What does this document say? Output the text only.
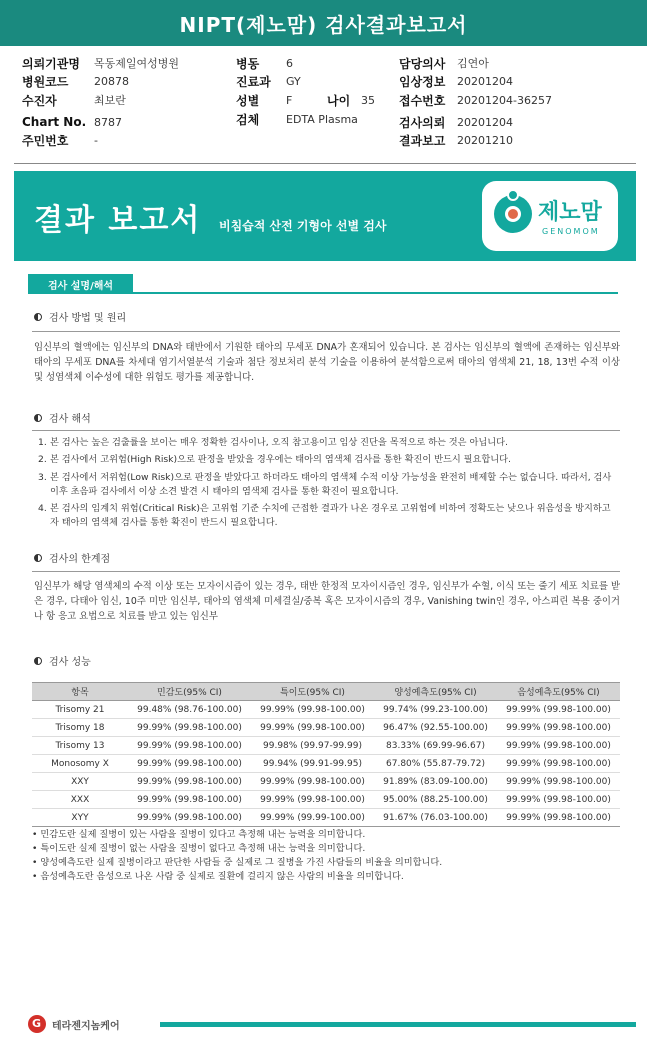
NIPT(제노맘) 검사결과보고서
의뢰기관명	목동제일여성병원
병원코드	20878
수진자	최보란
Chart No. 8787
주민번호	-
병동	6
진료과	GY
성별	F	나이 35
검체	EDTA Plasma
담당의사	김연아
임상정보	20201204
접수번호	20201204-36257
검사의뢰	20201204
결과보고	20201210
결과 보고서 비침습적 산전 기형아 선별 검사
제노맘
GENOMOM
검사 설명/해석
검사 방법 및 원리
임신부의 혈액에는 임신부의 DNA와 태반에서 기원한 태아의 무세포 DNA가 혼재되어 있습니다. 본 검사는 임신부의 혈액에 존재하는 임신부와 태아의 무세포 DNA를 차세대 염기서열분석 기술과 첨단 정보처리 분석 기술을 이용하여 분석함으로써 태아의 염색체 21, 18, 13번 수적 이상 및 성염색체 이수성에 대한 위험도 평가를 제공합니다.
검사 해석
1. 본 검사는 높은 검출률을 보이는 매우 정확한 검사이나, 오직 참고용이고 임상 진단을 목적으로 하는 것은 아닙니다.
2. 본 검사에서 고위험(High Risk)으로 판정을 받았을 경우에는 태아의 염색체 검사를 통한 확진이 반드시 필요합니다.
3. 본 검사에서 저위험(Low Risk)으로 판정을 받았다고 하더라도 태아의 염색체 수적 이상 가능성을 완전히 배제할 수는 없습니다. 따라서, 검사 이후 초음파 검사에서 이상 소견 발견 시 태아의 염색체 검사를 통한 확진이 필요합니다.
4. 본 검사의 임계치 위험(Critical Risk)은 고위험 기준 수치에 근접한 결과가 나온 경우로 고위험에 비하여 정확도는 낮으나 위음성을 방지하고자 태아의 염색체 검사를 통한 확진이 반드시 필요합니다.
검사의 한계점
임신부가 해당 염색체의 수적 이상 또는 모자이시즘이 있는 경우, 태반 한정적 모자이시즘인 경우, 임신부가 수혈, 이식 또는 줄기 세포 치료를 받은 경우, 다태아 임신, 10주 미만 임신부, 태아의 염색체 미세결실/중복 혹은 모자이시즘의 경우, Vanishing twin인 경우, 아스피린 복용 중이거나 항 응고 요법으로 치료를 받고 있는 임신부
검사 성능
항목	민감도(95% CI)	특이도(95% CI)	양성예측도(95% CI)	음성예측도(95% CI)
Trisomy 21	99.48% (98.76-100.00)	99.99% (99.98-100.00)	99.74% (99.23-100.00)	99.99% (99.98-100.00)
Trisomy 18	99.99% (99.98-100.00)	99.99% (99.98-100.00)	96.47% (92.55-100.00)	99.99% (99.98-100.00)
Trisomy 13	99.99% (99.98-100.00)	99.98% (99.97-99.99)	83.33% (69.99-96.67)	99.99% (99.98-100.00)
Monosomy X	99.99% (99.98-100.00)	99.94% (99.91-99.95)	67.80% (55.87-79.72)	99.99% (99.98-100.00)
XXY	99.99% (99.98-100.00)	99.99% (99.98-100.00)	91.89% (83.09-100.00)	99.99% (99.98-100.00)
XXX	99.99% (99.98-100.00)	99.99% (99.98-100.00)	95.00% (88.25-100.00)	99.99% (99.98-100.00)
XYY	99.99% (99.98-100.00)	99.99% (99.99-100.00)	91.67% (76.03-100.00)	99.99% (99.98-100.00)
• 민감도란 실제 질병이 있는 사람을 질병이 있다고 측정해 내는 능력을 의미합니다.
• 특이도란 실제 질병이 없는 사람을 질병이 없다고 측정해 내는 능력을 의미합니다.
• 양성예측도란 실제 질병이라고 판단한 사람들 중 실제로 그 질병을 가진 사람들의 비율을 의미합니다.
• 음성예측도란 음성으로 나온 사람 중 실제로 질환에 걸리지 않은 사람의 비율을 의미합니다.
G 테라젠지놈케어
